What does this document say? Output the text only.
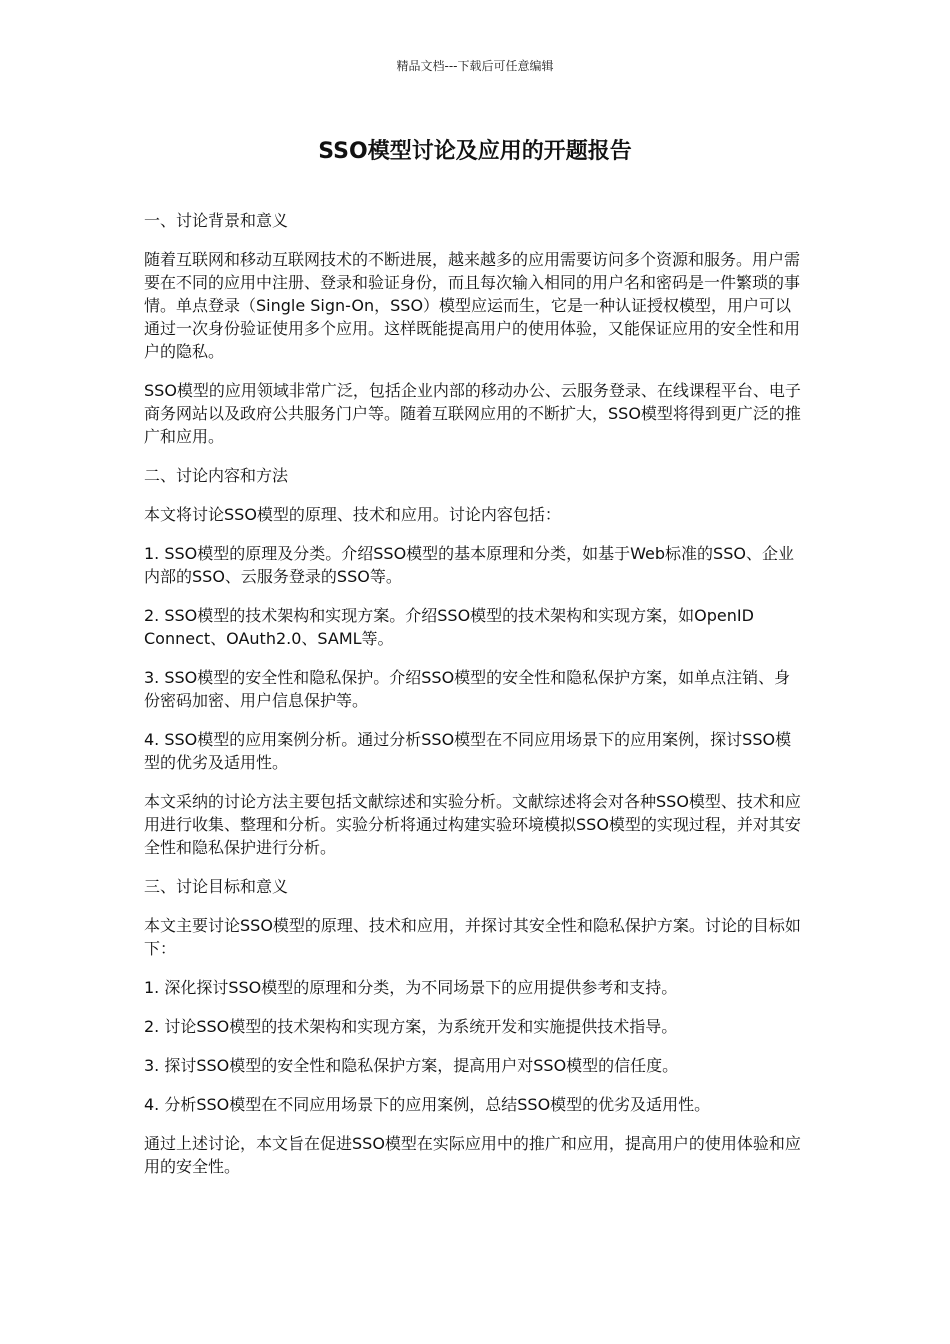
精品文档---下载后可任意编辑
SSO模型讨论及应用的开题报告

一、讨论背景和意义

随着互联网和移动互联网技术的不断进展，越来越多的应用需要访问多个资源和服务。用户需要在不同的应用中注册、登录和验证身份，而且每次输入相同的用户名和密码是一件繁琐的事情。单点登录（Single Sign-On，SSO）模型应运而生，它是一种认证授权模型，用户可以通过一次身份验证使用多个应用。这样既能提高用户的使用体验，又能保证应用的安全性和用户的隐私。

SSO模型的应用领域非常广泛，包括企业内部的移动办公、云服务登录、在线课程平台、电子商务网站以及政府公共服务门户等。随着互联网应用的不断扩大，SSO模型将得到更广泛的推广和应用。

二、讨论内容和方法

本文将讨论SSO模型的原理、技术和应用。讨论内容包括：

1. SSO模型的原理及分类。介绍SSO模型的基本原理和分类，如基于Web标准的SSO、企业内部的SSO、云服务登录的SSO等。

2. SSO模型的技术架构和实现方案。介绍SSO模型的技术架构和实现方案，如OpenID Connect、OAuth2.0、SAML等。

3. SSO模型的安全性和隐私保护。介绍SSO模型的安全性和隐私保护方案，如单点注销、身份密码加密、用户信息保护等。

4. SSO模型的应用案例分析。通过分析SSO模型在不同应用场景下的应用案例，探讨SSO模型的优劣及适用性。

本文采纳的讨论方法主要包括文献综述和实验分析。文献综述将会对各种SSO模型、技术和应用进行收集、整理和分析。实验分析将通过构建实验环境模拟SSO模型的实现过程，并对其安全性和隐私保护进行分析。

三、讨论目标和意义

本文主要讨论SSO模型的原理、技术和应用，并探讨其安全性和隐私保护方案。讨论的目标如下：

1. 深化探讨SSO模型的原理和分类，为不同场景下的应用提供参考和支持。

2. 讨论SSO模型的技术架构和实现方案，为系统开发和实施提供技术指导。

3. 探讨SSO模型的安全性和隐私保护方案，提高用户对SSO模型的信任度。

4. 分析SSO模型在不同应用场景下的应用案例，总结SSO模型的优劣及适用性。

通过上述讨论，本文旨在促进SSO模型在实际应用中的推广和应用，提高用户的使用体验和应用的安全性。
